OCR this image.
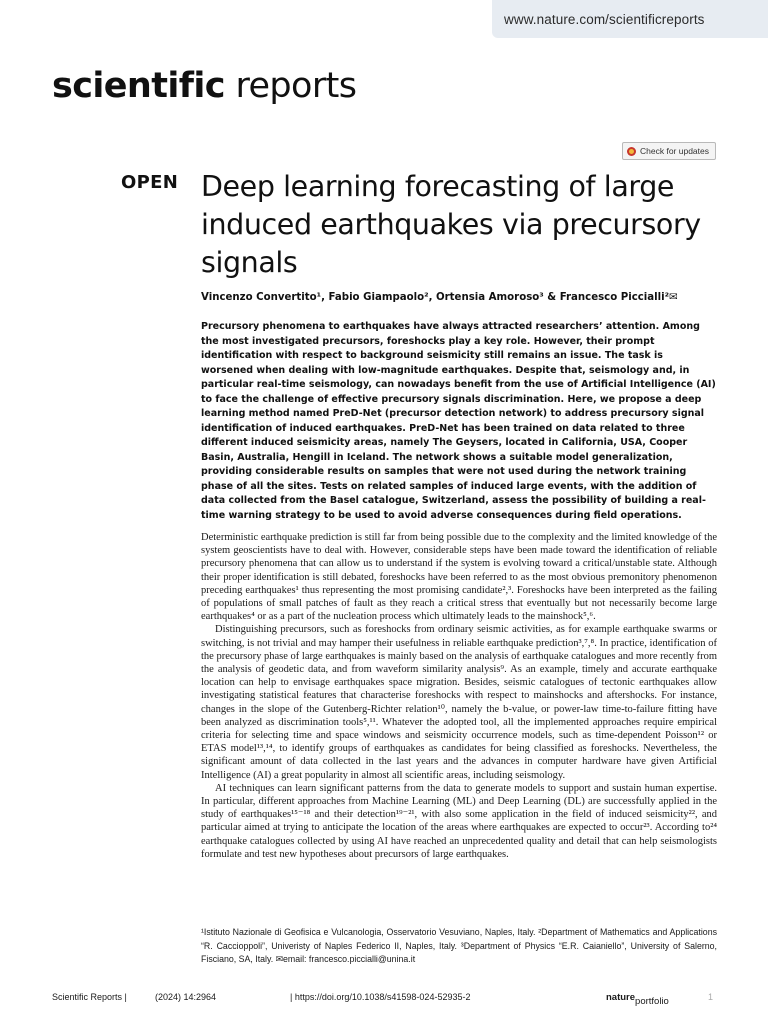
www.nature.com/scientificreports
scientific reports
Check for updates
OPEN Deep learning forecasting of large induced earthquakes via precursory signals
Vincenzo Convertito¹, Fabio Giampaolo², Ortensia Amoroso³ & Francesco Piccialli²✉

Precursory phenomena to earthquakes have always attracted researchers’ attention. Among the most investigated precursors, foreshocks play a key role. However, their prompt identification with respect to background seismicity still remains an issue. The task is worsened when dealing with low-magnitude earthquakes. Despite that, seismology and, in particular real-time seismology, can nowadays benefit from the use of Artificial Intelligence (AI) to face the challenge of effective precursory signals discrimination. Here, we propose a deep learning method named PreD-Net (precursor detection network) to address precursory signal identification of induced earthquakes. PreD-Net has been trained on data related to three different induced seismicity areas, namely The Geysers, located in California, USA, Cooper Basin, Australia, Hengill in Iceland. The network shows a suitable model generalization, providing considerable results on samples that were not used during the network training phase of all the sites. Tests on related samples of induced large events, with the addition of data collected from the Basel catalogue, Switzerland, assess the possibility of building a real-time warning strategy to be used to avoid adverse consequences during field operations.

Deterministic earthquake prediction is still far from being possible due to the complexity and the limited knowledge of the system geoscientists have to deal with. However, considerable steps have been made toward the identification of reliable precursory phenomena that can allow us to understand if the system is evolving toward a critical/unstable state. Although their proper identification is still debated, foreshocks have been referred to as the most obvious premonitory phenomenon preceding earthquakes¹ thus representing the most promising candidate²,³. Foreshocks have been interpreted as the failing of populations of small patches of fault as they reach a critical stress that eventually but not necessarily become large earthquakes⁴ or as a part of the nucleation process which ultimately leads to the mainshock⁵,⁶.

Distinguishing precursors, such as foreshocks from ordinary seismic activities, as for example earthquake swarms or switching, is not trivial and may hamper their usefulness in reliable earthquake prediction³,⁷,⁸. In practice, identification of the precursory phase of large earthquakes is mainly based on the analysis of earthquake catalogues and more recently from the analysis of geodetic data, and from waveform similarity analysis⁹. As an example, timely and accurate earthquake location can help to envisage earthquakes space migration. Besides, seismic catalogues of tectonic earthquakes allow investigating statistical features that characterise foreshocks with respect to mainshocks and aftershocks. For instance, changes in the slope of the Gutenberg-Richter relation¹⁰, namely the b-value, or power-law time-to-failure fitting have been analyzed as discrimination tools⁵,¹¹. Whatever the adopted tool, all the implemented approaches require empirical criteria for selecting time and space windows and seismicity occurrence models, such as time-dependent Poisson¹² or ETAS model¹³,¹⁴, to identify groups of earthquakes as candidates for being classified as foreshocks. Nevertheless, the significant amount of data collected in the last years and the advances in computer hardware have given Artificial Intelligence (AI) a great popularity in almost all scientific areas, including seismology.

AI techniques can learn significant patterns from the data to generate models to support and sustain human expertise. In particular, different approaches from Machine Learning (ML) and Deep Learning (DL) are successfully applied in the study of earthquakes¹⁵⁻¹⁸ and their detection¹⁹⁻²¹, with also some application in the field of induced seismicity²², and particular aimed at trying to anticipate the location of the areas where earthquakes are expected to occur²³. According to²⁴ earthquake catalogues collected by using AI have reached an unprecedented quality and detail that can help seismologists formulate and test new hypotheses about precursors of large earthquakes.

¹Istituto Nazionale di Geofisica e Vulcanologia, Osservatorio Vesuviano, Naples, Italy. ²Department of Mathematics and Applications “R. Caccioppoli”, Univeristy of Naples Federico II, Naples, Italy. ³Department of Physics “E.R. Caianiello”, University of Salerno, Fisciano, SA, Italy. ✉email: francesco.piccialli@unina.it
Scientific Reports |	(2024) 14:2964	| https://doi.org/10.1038/s41598-024-52935-2	nature portfolio	1
